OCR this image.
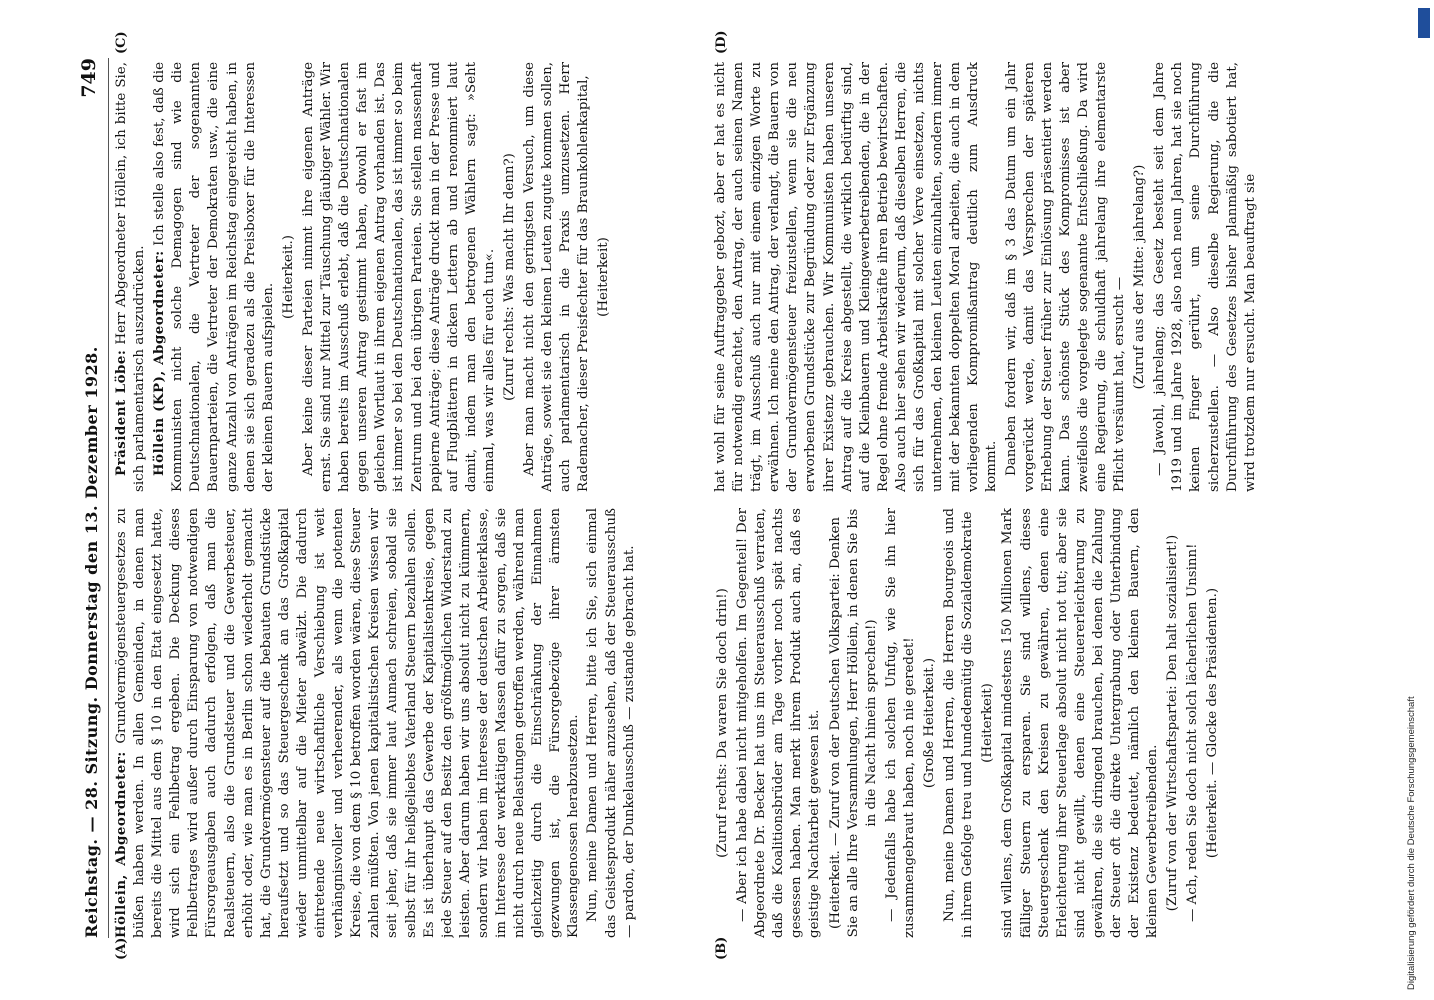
Reichstag. — 28. Sitzung. Donnerstag den 13. Dezember 1928.
749
(A)	(B)
(C)	(D)

Höllein, Abgeordneter: Grundvermögensteuergesetzes zu büßen haben werden. In allen Gemeinden, in denen man bereits die Mittel aus dem § 10 in den Etat eingesetzt hatte, wird sich ein Fehlbetrag ergeben. Die Deckung dieses Fehlbetrages wird außer durch Einsparung von notwendigen Fürsorgeausgaben auch dadurch erfolgen, daß man die Realsteuern, also die Grundsteuer und die Gewerbesteuer, erhöht oder, wie man es in Berlin schon wiederholt gemacht hat, die Grundvermögensteuer auf die bebauten Grundstücke heraufsetzt und so das Steuergeschenk an das Großkapital wieder unmittelbar auf die Mieter abwälzt. Die dadurch eintretende neue wirtschaftliche Verschiebung ist weit verhängnisvoller und verheerender, als wenn die potenten Kreise, die von dem § 10 betroffen worden wären, diese Steuer zahlen müßten. Von jenen kapitalistischen Kreisen wissen wir seit jeher, daß sie immer laut Aumach schreien, sobald sie selbst für ihr heißgeliebtes Vaterland Steuern bezahlen sollen. Es ist überhaupt das Gewerbe der Kapitalistenkreise, gegen jede Steuer auf den Besitz den größtmöglichen Widerstand zu leisten. Aber darum haben wir uns absolut nicht zu kümmern, sondern wir haben im Interesse der deutschen Arbeiterklasse, im Interesse der werktätigen Massen dafür zu sorgen, daß sie nicht durch neue Belastungen getroffen werden, während man gleichzeitig durch die Einschränkung der Einnahmen gezwungen ist, die Fürsorgebezüge ihrer ärmsten Klassengenossen herabzusetzen. Nun, meine Damen und Herren, bitte ich Sie, sich einmal das Geistesprodukt näher anzusehen, daß der Steuerausschuß — pardon, der Dunkelausschuß — zustande gebracht hat.	(Zuruf rechts: Da waren Sie doch drin!) — Aber ich habe dabei nicht mitgeholfen. Im Gegenteil! Der Abgeordnete Dr. Becker hat uns im Steuerausschuß verraten, daß die Koalitionsbrüder am Tage vorher noch spät nachts gesessen haben. Man merkt ihrem Produkt auch an, daß es geistige Nachtarbeit gewesen ist. (Heiterkeit. — Zuruf von der Deutschen Volkspartei: Denken Sie an alle Ihre Versammlungen, Herr Höllein, in denen Sie bis in die Nacht hinein sprechen!) — Jedenfalls habe ich solchen Unfug, wie Sie ihn hier zusammengebraut haben, noch nie geredet! (Große Heiterkeit.) Nun, meine Damen und Herren, die Herren Bourgeois und in ihrem Gefolge treu und hundedemütig die Sozialdemokratie (Heiterkeit) sind willens, dem Großkapital mindestens 150 Millionen Mark fälliger Steuern zu ersparen. Sie sind willens, dieses Steuergeschenk den Kreisen zu gewähren, denen eine Erleichterung ihrer Steuerlage absolut nicht not tut; aber sie sind nicht gewillt, denen eine Steuererleichterung zu gewähren, die sie dringend brauchen, bei denen die Zahlung der Steuer oft die direkte Untergrabung oder Unterbindung der Existenz bedeutet, nämlich den kleinen Bauern, den kleinen Gewerbetreibenden. (Zuruf von der Wirtschaftspartei: Den halt sozialisiert!) — Ach, reden Sie doch nicht solch lächerlichen Unsinn! (Heiterkeit. — Glocke des Präsidenten.)

Präsident Löbe: Herr Abgeordneter Höllein, ich bitte Sie, sich parlamentarisch auszudrücken. Höllein (KP), Abgeordneter: Ich stelle also fest, daß die Kommunisten nicht solche Demagogen sind wie die Deutschnationalen, die Vertreter der sogenannten Bauernparteien, die Vertreter der Demokraten usw., die eine ganze Anzahl von Anträgen im Reichstag eingereicht haben, in denen sie sich geradezu als die Preisboxer für die Interessen der kleinen Bauern aufspielen.

(Heiterkeit.) Aber keine dieser Parteien nimmt ihre eigenen Anträge ernst. Sie sind nur Mittel zur Täuschung gläubiger Wähler. Wir haben bereits im Ausschuß erlebt, daß die Deutschnationalen gegen unseren Antrag gestimmt haben, obwohl er fast im gleichen Wortlaut in ihrem eigenen Antrag vorhanden ist. Das ist immer so bei den Deutschnationalen, das ist immer so beim Zentrum und bei den übrigen Parteien. Sie stellen massenhaft papierne Anträge; diese Anträge druckt man in der Presse und auf Flugblättern in dicken Lettern ab und renommiert laut damit, indem man den betrogenen Wählern sagt: »Seht einmal, was wir alles für euch tun«. (Zuruf rechts: Was macht Ihr denn?) Aber man macht nicht den geringsten Versuch, um diese Anträge, soweit sie den kleinen Leuten zugute kommen sollen, auch parlamentarisch in die Praxis umzusetzen. Herr Rademacher, dieser Preisfechter für das Braunkohlenkapital, (Heiterkeit)	hat wohl für seine Auftraggeber gebozt, aber er hat es nicht für notwendig erachtet, den Antrag, der auch seinen Namen trägt, im Ausschuß auch nur mit einem einzigen Worte zu erwähnen. Ich meine den Antrag, der verlangt, die Bauern von der Grundvermögensteuer freizustellen, wenn sie die neu erworbenen Grundstücke zur Begründung oder zur Ergänzung ihrer Existenz gebrauchen. Wir Kommunisten haben unseren Antrag auf die Kreise abgestellt, die wirklich bedürftig sind, auf die Kleinbauern und Kleingewerbetreibenden, die in der Regel ohne fremde Arbeitskräfte ihren Betrieb bewirtschaften. Also auch hier sehen wir wiederum, daß dieselben Herren, die sich für das Großkapital mit solcher Verve einsetzen, nichts unternehmen, den kleinen Leuten einzuhalten, sondern immer mit der bekannten doppelten Moral arbeiten, die auch in dem vorliegenden Kompromißantrag deutlich zum Ausdruck kommt. Daneben fordern wir, daß im § 3 das Datum um ein Jahr vorgerückt werde, damit das Versprechen der späteren Erhebung der Steuer früher zur Einlösung präsentiert werden kann. Das schönste Stück des Kompromisses ist aber zweifellos die vorgelegte sogenannte Entschließung. Da wird eine Regierung, die schuldhaft jahrelang ihre elementarste Pflicht versäumt hat, ersucht — (Zuruf aus der Mitte: jahrelang?) — Jawohl, jahrelang; das Gesetz besteht seit dem Jahre 1919 und im Jahre 1928, also nach neun Jahren, hat sie noch keinen Finger gerührt, um seine Durchführung sicherzustellen. — Also dieselbe Regierung, die die Durchführung des Gesetzes bisher planmäßig sabotiert hat, wird trotzdem nur ersucht. Man beauftragt sie

Digitalisierung gefördert durch die Deutsche Forschungsgemeinschaft
